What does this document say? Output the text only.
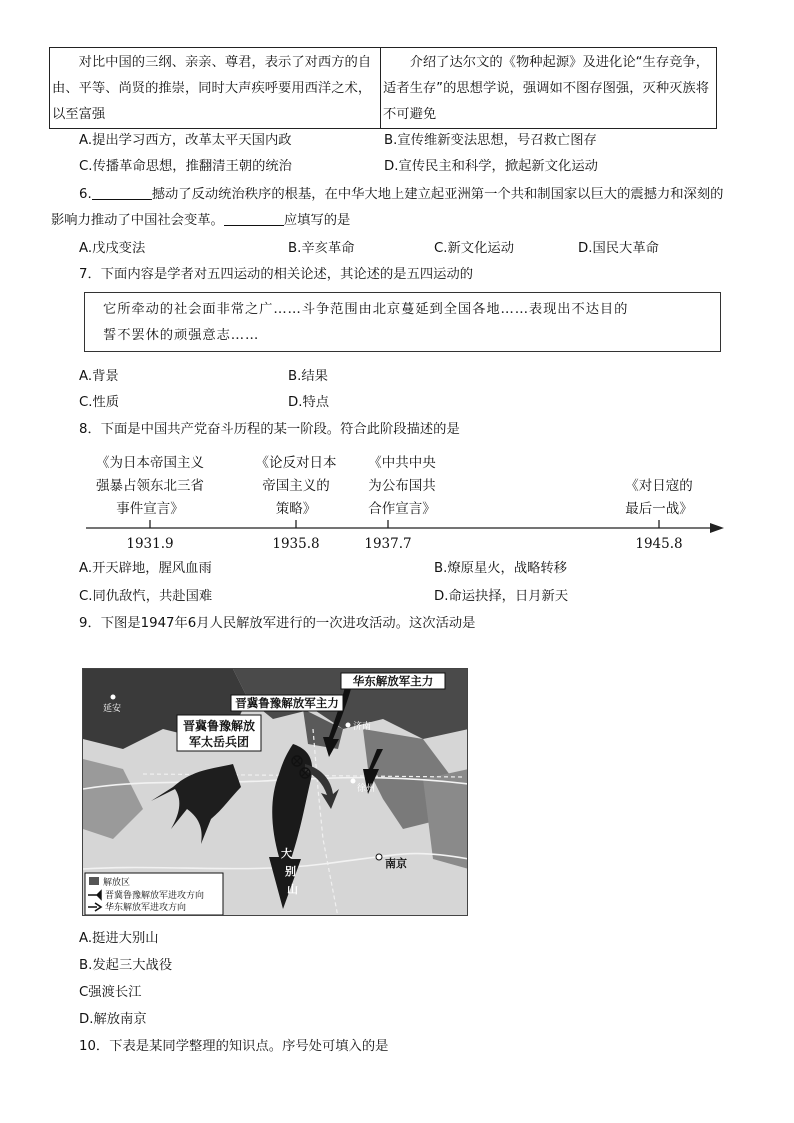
对比中国的三纲、亲亲、尊君，表示了对西方的自由、平等、尚贤的推崇，同时大声疾呼要用西洋之术，以至富强

介绍了达尔文的《物种起源》及进化论“生存竞争，适者生存”的思想学说，强调如不图存图强，灭种灭族将不可避免

A.提出学习西方，改革太平天国内政	B.宣传维新变法思想，号召救亡图存
C.传播革命思想，推翻清王朝的统治	D.宣传民主和科学，掀起新文化运动
6.	撼动了反动统治秩序的根基，在中华大地上建立起亚洲第一个共和制国家以巨大的震撼力和深刻的
影响力推动了中国社会变革。	应填写的是
A.戊戌变法	B.辛亥革命	C.新文化运动	D.国民大革命
7．下面内容是学者对五四运动的相关论述，其论述的是五四运动的

它所牵动的社会面非常之广……斗争范围由北京蔓延到全国各地……表现出不达目的

誓不罢休的顽强意志……

A.背景	B.结果
C.性质	D.特点
8．下面是中国共产党奋斗历程的某一阶段。符合此阶段描述的是
《为日本帝国主义
强暴占领东北三省
事件宣言》
《论反对日本
帝国主义的
策略》
《中共中央
为公布国共
合作宣言》
《对日寇的
最后一战》
1931.9	1935.8	1937.7	1945.8
A.开天辟地，腥风血雨	B.燎原星火，战略转移
C.同仇敌忾，共赴国难	D.命运抉择，日月新天
9．下图是1947年6月人民解放军进行的一次进攻活动。这次活动是
华东解放军主力
晋冀鲁豫解放军主力
晋冀鲁豫解放
军太岳兵团
延安
济南
徐州
南京
大
别
山
解放区
晋冀鲁豫解放军进攻方向
华东解放军进攻方向
A.挺进大别山
B.发起三大战役
C强渡长江
D.解放南京
10．下表是某同学整理的知识点。序号处可填入的是
